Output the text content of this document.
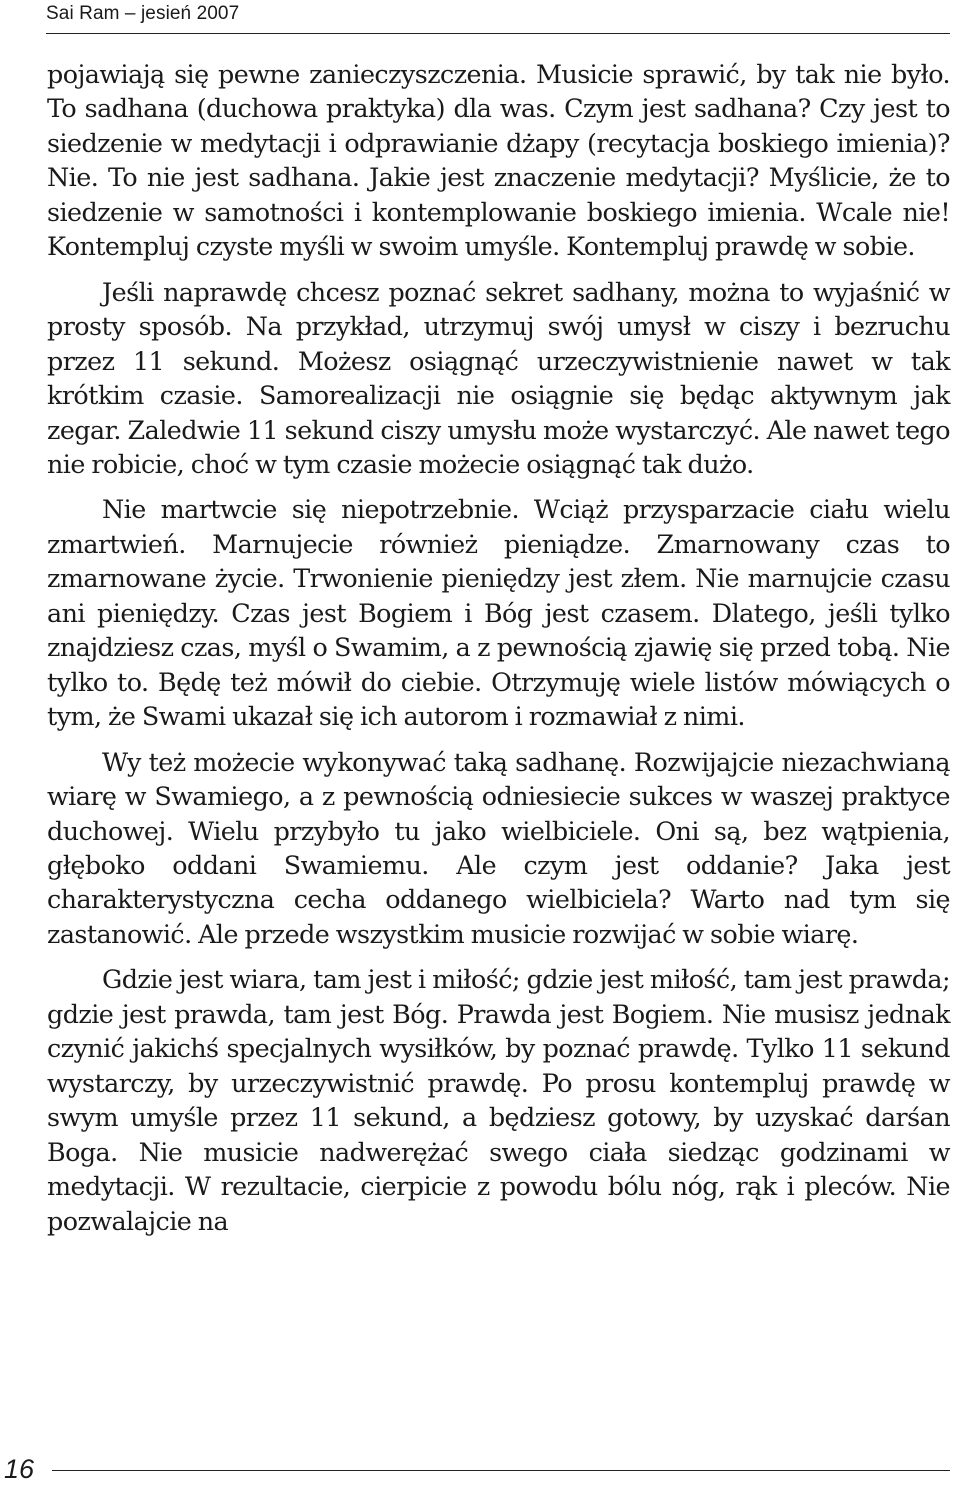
Sai Ram – jesień 2007

pojawiają się pewne zanieczyszczenia. Musicie sprawić, by tak nie było. To sadhana (duchowa praktyka) dla was. Czym jest sadhana? Czy jest to siedzenie w medytacji i odprawianie dżapy (recytacja boskiego imienia)? Nie. To nie jest sadhana. Jakie jest znaczenie medytacji? Myślicie, że to siedzenie w samotności i kontemplowanie boskiego imienia. Wcale nie! Kontempluj czyste myśli w swoim umyśle. Kontempluj prawdę w sobie.

Jeśli naprawdę chcesz poznać sekret sadhany, można to wyjaśnić w prosty sposób. Na przykład, utrzymuj swój umysł w ciszy i bezruchu przez 11 sekund. Możesz osiągnąć urzeczywistnienie nawet w tak krótkim czasie. Samorealizacji nie osiągnie się będąc aktywnym jak zegar. Zaledwie 11 sekund ciszy umysłu może wystarczyć. Ale nawet tego nie robicie, choć w tym czasie możecie osiągnąć tak dużo.

Nie martwcie się niepotrzebnie. Wciąż przysparzacie ciału wielu zmartwień. Marnujecie również pieniądze. Zmarnowany czas to zmarnowane życie. Trwonienie pieniędzy jest złem. Nie marnujcie czasu ani pieniędzy. Czas jest Bogiem i Bóg jest czasem. Dlatego, jeśli tylko znajdziesz czas, myśl o Swamim, a z pewnością zjawię się przed tobą. Nie tylko to. Będę też mówił do ciebie. Otrzymuję wiele listów mówiących o tym, że Swami ukazał się ich autorom i rozmawiał z nimi.

Wy też możecie wykonywać taką sadhanę. Rozwijajcie niezachwianą wiarę w Swamiego, a z pewnością odniesiecie sukces w waszej praktyce duchowej. Wielu przybyło tu jako wielbiciele. Oni są, bez wątpienia, głęboko oddani Swamiemu. Ale czym jest oddanie? Jaka jest charakterystyczna cecha oddanego wielbiciela? Warto nad tym się zastanowić. Ale przede wszystkim musicie rozwijać w sobie wiarę.

Gdzie jest wiara, tam jest i miłość; gdzie jest miłość, tam jest prawda; gdzie jest prawda, tam jest Bóg. Prawda jest Bogiem. Nie musisz jednak czynić jakichś specjalnych wysiłków, by poznać prawdę. Tylko 11 sekund wystarczy, by urzeczywistnić prawdę. Po prosu kontempluj prawdę w swym umyśle przez 11 sekund, a będziesz gotowy, by uzyskać darśan Boga. Nie musicie nadwerężać swego ciała siedząc godzinami w medytacji. W rezultacie, cierpicie z powodu bólu nóg, rąk i pleców. Nie pozwalajcie na

16
